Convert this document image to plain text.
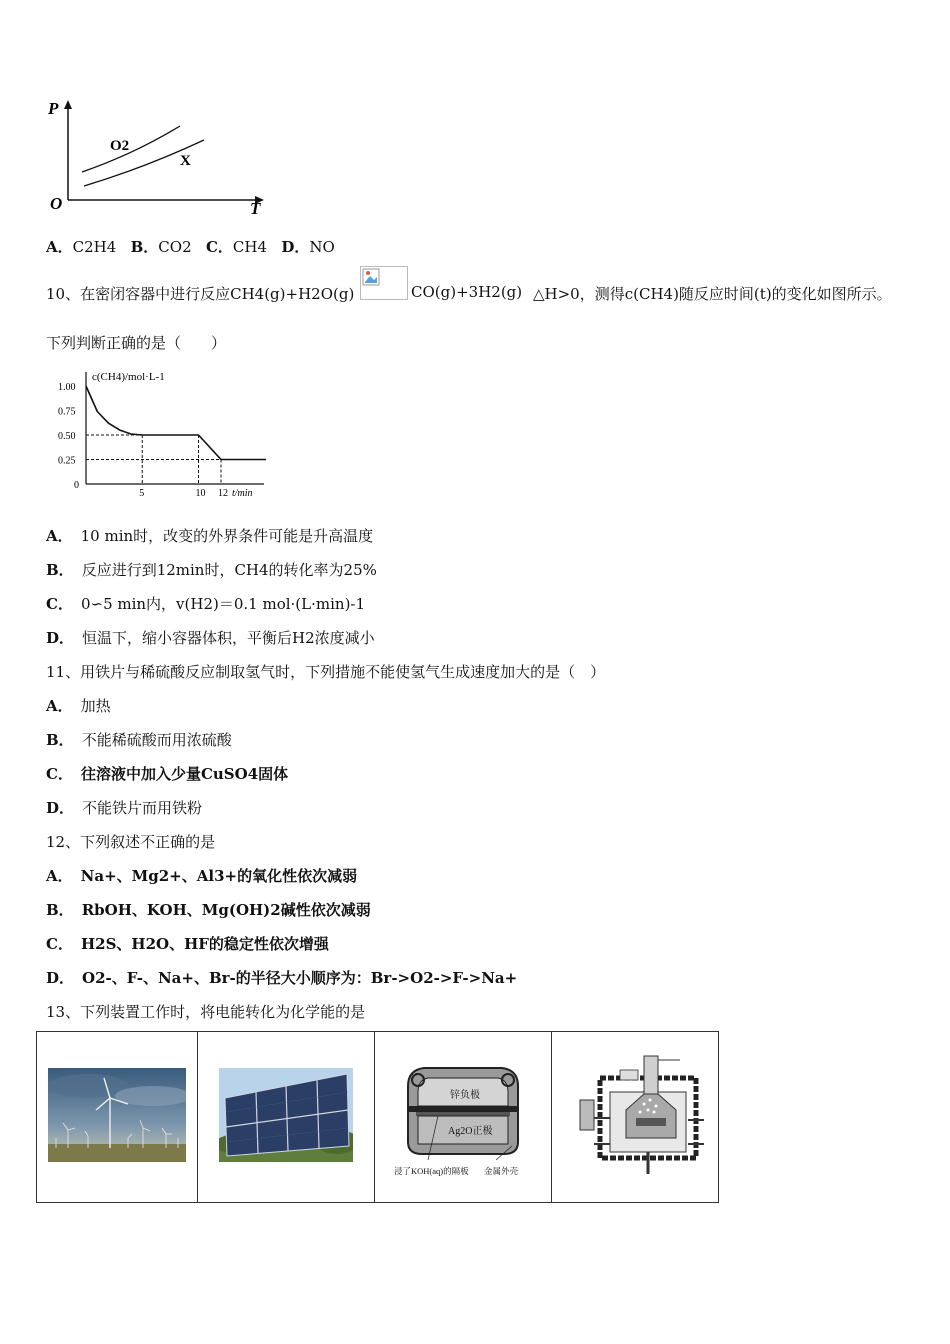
P
T
O
O2
X
A．C2H4 B．CO2 C．CH4 D．NO
10、在密闭容器中进行反应CH4(g)+H2O(g)	CO(g)+3H2(g) △H>0，测得c(CH4)随反应时间(t)的变化如图所示。
下列判断正确的是（　　）
1.00
0.75
0.50
0.25
0
5	10 12
c(CH4)/mol·L-1
t/min
A． 10 min时，改变的外界条件可能是升高温度
B． 反应进行到12min时，CH4的转化率为25%
C． 0∽5 min内，v(H2)＝0.1 mol·(L·min)-1
D． 恒温下，缩小容器体积，平衡后H2浓度减小
11、用铁片与稀硫酸反应制取氢气时，下列措施不能使氢气生成速度加大的是（　）
A． 加热
B． 不能稀硫酸而用浓硫酸
C． 往溶液中加入少量CuSO4固体
D． 不能铁片而用铁粉
12、下列叙述不正确的是
A． Na+、Mg2+、Al3+的氧化性依次减弱
B． RbOH、KOH、Mg(OH)2碱性依次减弱
C． H2S、H2O、HF的稳定性依次增强
D． O2-、F-、Na+、Br-的半径大小顺序为：Br->O2->F->Na+
13、下列装置工作时，将电能转化为化学能的是

锌负极
Ag2O正极
浸了KOH(aq)的隔板 金属外壳
